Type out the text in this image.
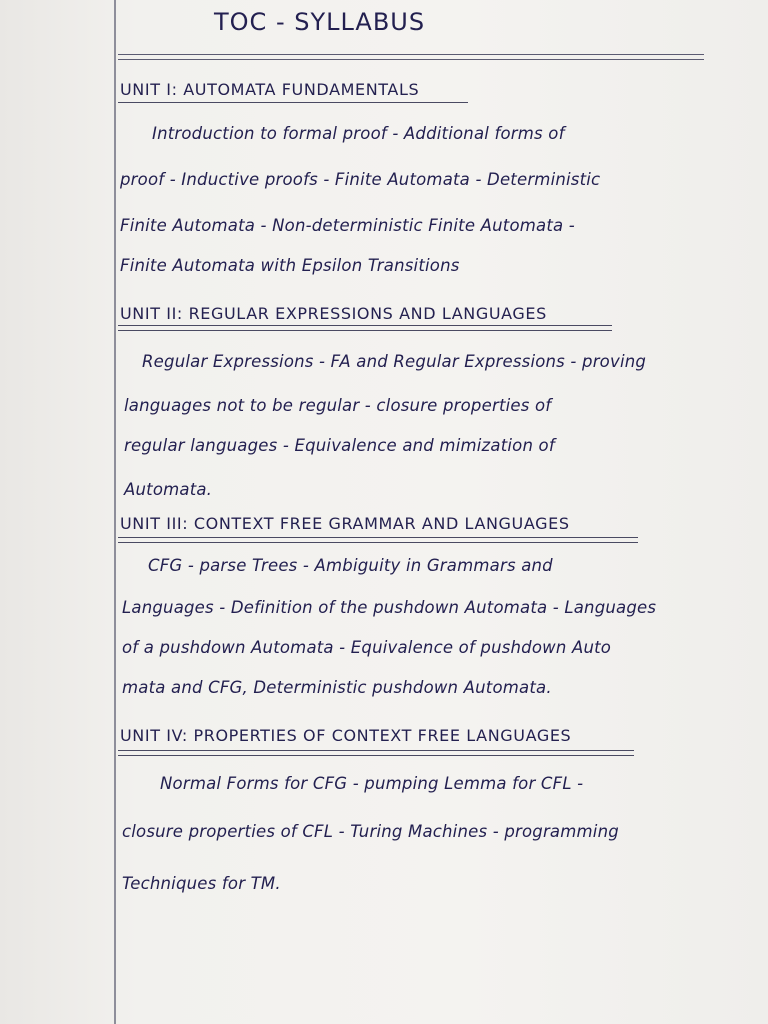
TOC - SYLLABUS
UNIT I: AUTOMATA FUNDAMENTALS
Introduction to formal proof - Additional forms of
proof - Inductive proofs - Finite Automata - Deterministic
Finite Automata - Non-deterministic Finite Automata -
Finite Automata with Epsilon Transitions
UNIT II: REGULAR EXPRESSIONS AND LANGUAGES
Regular Expressions - FA and Regular Expressions - proving
languages not to be regular - closure properties of
regular languages - Equivalence and mimization of
Automata.
UNIT III: CONTEXT FREE GRAMMAR AND LANGUAGES
CFG - parse Trees - Ambiguity in Grammars and
Languages - Definition of the pushdown Automata - Languages
of a pushdown Automata - Equivalence of pushdown Auto
mata and CFG, Deterministic pushdown Automata.
UNIT IV: PROPERTIES OF CONTEXT FREE LANGUAGES
Normal Forms for CFG - pumping Lemma for CFL -
closure properties of CFL - Turing Machines - programming
Techniques for TM.
